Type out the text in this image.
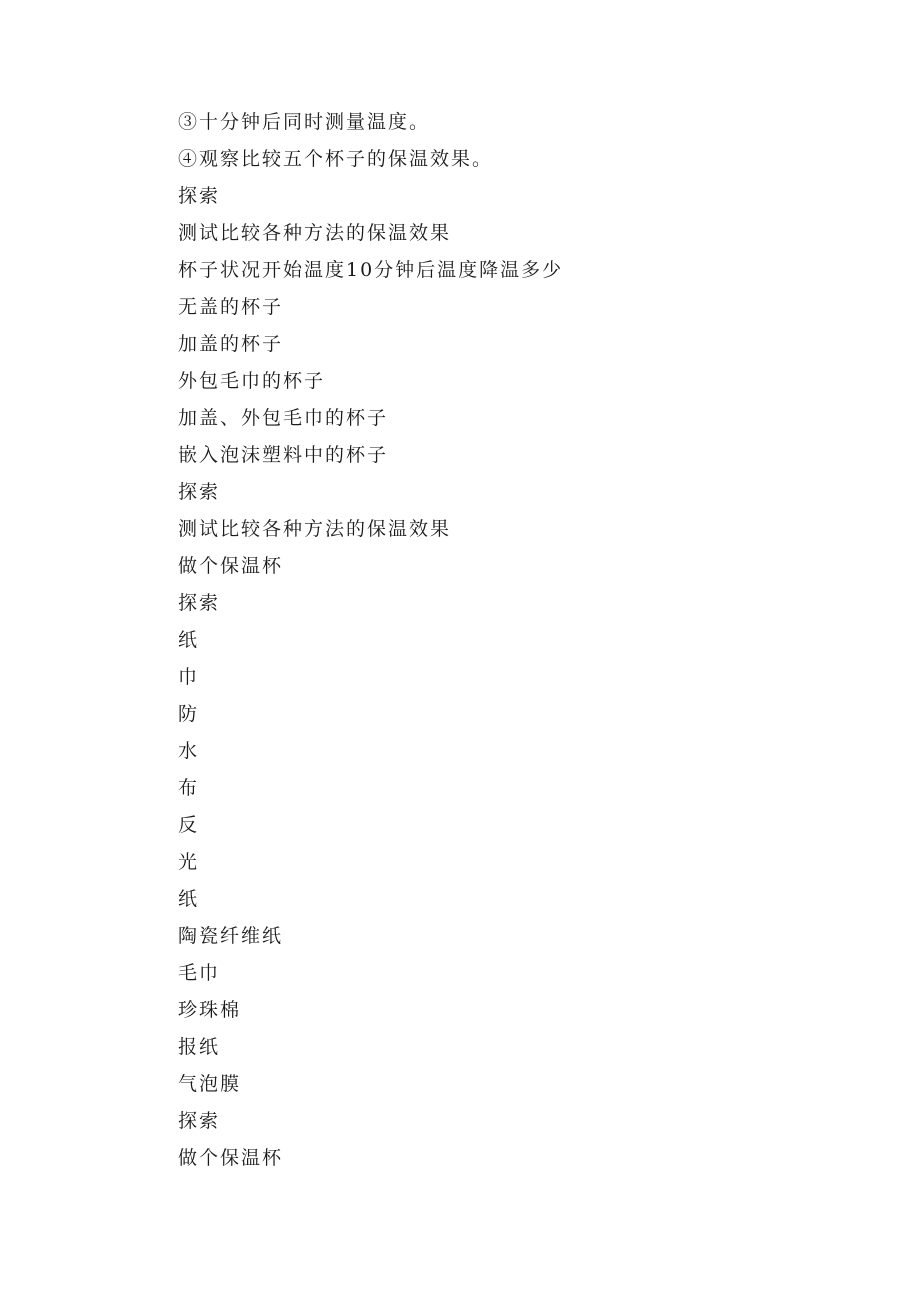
③十分钟后同时测量温度。
④观察比较五个杯子的保温效果。
探索
测试比较各种方法的保温效果
杯子状况开始温度10分钟后温度降温多少
无盖的杯子
加盖的杯子
外包毛巾的杯子
加盖、外包毛巾的杯子
嵌入泡沫塑料中的杯子
探索
测试比较各种方法的保温效果
做个保温杯
探索
纸
巾
防
水
布
反
光
纸
陶瓷纤维纸
毛巾
珍珠棉
报纸
气泡膜
探索
做个保温杯
